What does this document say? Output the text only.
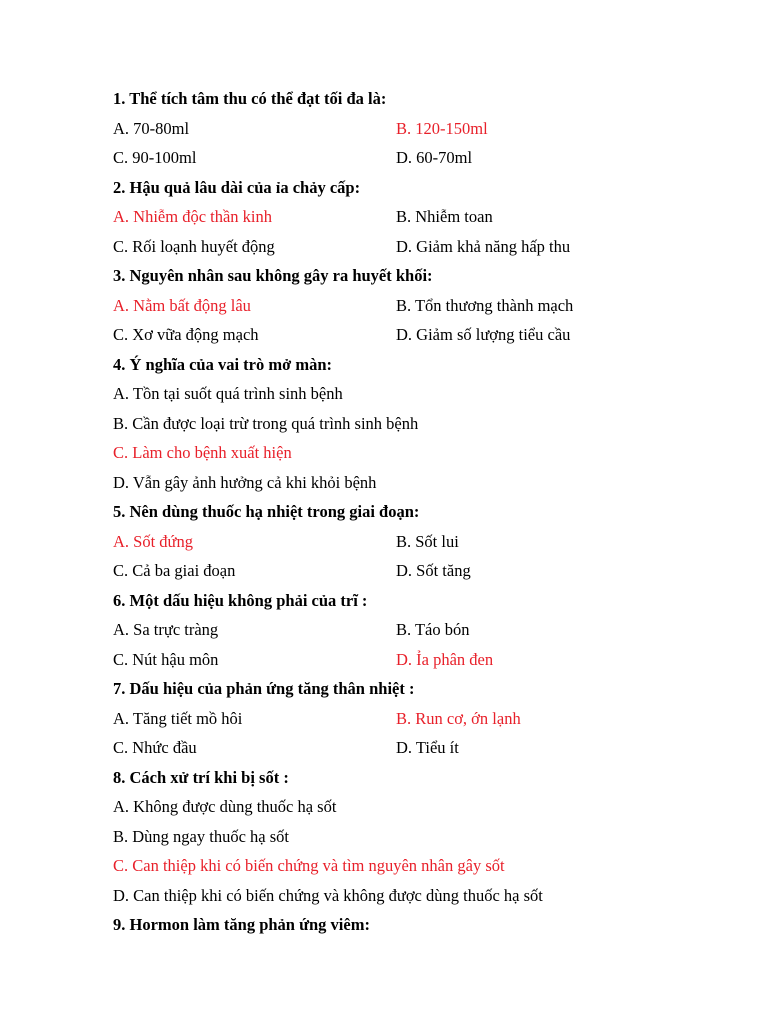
1. Thể tích tâm thu có thể đạt tối đa là:
A. 70-80ml	B. 120-150ml
C. 90-100ml	D. 60-70ml
2. Hậu quả lâu dài của ỉa chảy cấp:
A. Nhiễm độc thần kinh	B. Nhiễm toan
C. Rối loạnh huyết động	D. Giảm khả năng hấp thu
3. Nguyên nhân sau không gây ra huyết khối:
A. Nằm bất động lâu	B. Tổn thương thành mạch
C. Xơ vữa động mạch	D. Giảm số lượng tiểu cầu
4. Ý nghĩa của vai trò mở màn:
A. Tồn tại suốt quá trình sinh bệnh
B. Cần được loại trừ trong quá trình sinh bệnh
C. Làm cho bệnh xuất hiện
D. Vẫn gây ảnh hưởng cả khi khỏi bệnh
5. Nên dùng thuốc hạ nhiệt trong giai đoạn:
A. Sốt đứng	B. Sốt lui
C. Cả ba giai đoạn	D. Sốt tăng
6. Một dấu hiệu không phải của trĩ :
A. Sa trực tràng	B. Táo bón
C. Nút hậu môn	D. Ỉa phân đen
7. Dấu hiệu của phản ứng tăng thân nhiệt :
A. Tăng tiết mồ hôi	B. Run cơ, ớn lạnh
C. Nhức đầu	D. Tiểu ít
8. Cách xử trí khi bị sốt :
A. Không được dùng thuốc hạ sốt
B. Dùng ngay thuốc hạ sốt
C. Can thiệp khi có biến chứng và tìm nguyên nhân gây sốt
D. Can thiệp khi có biến chứng và không được dùng thuốc hạ sốt
9. Hormon làm tăng phản ứng viêm:
